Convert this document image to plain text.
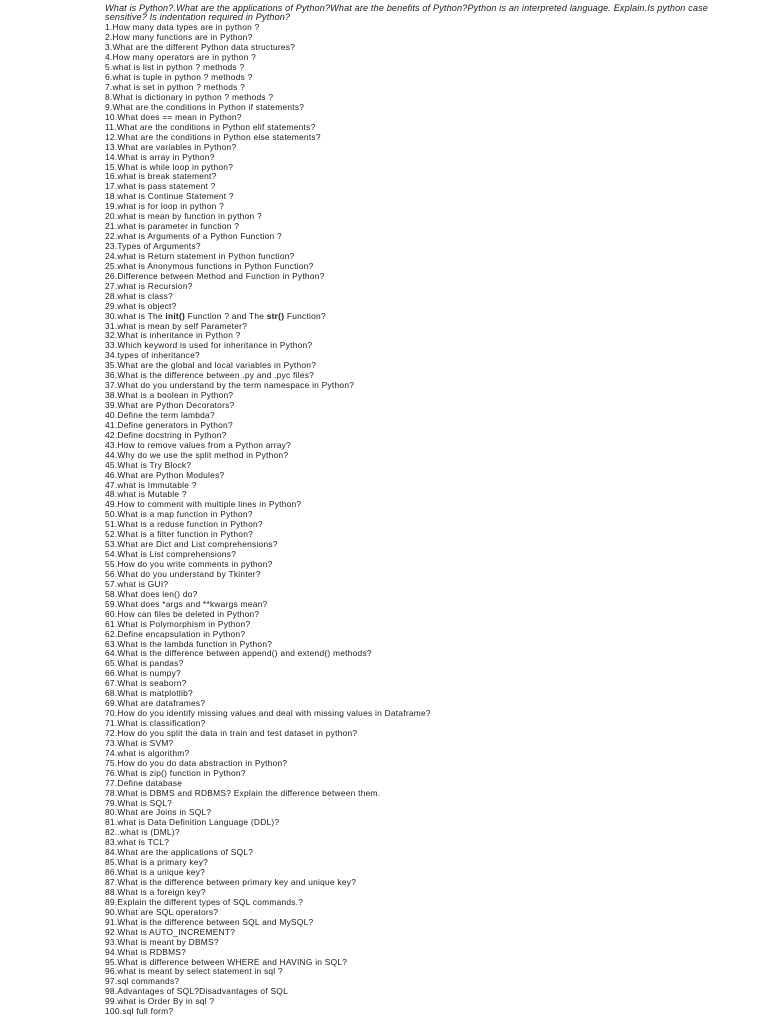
What is Python?.What are the applications of Python?What are the benefits of Python?Python is an interpreted language. Explain.Is python case sensitive? Is indentation required in Python?

1.How many data types are in python ?
2.How many functions are in Python?
3.What are the different Python data structures?
4.How many operators are in python ?
5.what is list in python ? methods ?
6.what is tuple in python ? methods ?
7.what is set in python ? methods ?
8.What is dictionary in python ? methods ?
9.What are the conditions in Python if statements?
10.What does == mean in Python?
11.What are the conditions in Python elif statements?
12.What are the conditions in Python else statements?
13.What are variables in Python?
14.What is array in Python?
15.What is while loop in python?
16.what is break statement?
17.what is pass statement ?
18.what is Continue Statement ?
19.what is for loop in python ?
20.what is mean by function in python ?
21.what is parameter in function ?
22.what is Arguments of a Python Function ?
23.Types of Arguments?
24.what is Return statement in Python function?
25.what is Anonymous functions in Python Function?
26.Difference between Method and Function in Python?
27.what is Recursion?
28.what is class?
29.what is object?
30.what is The init() Function ? and The str() Function?
31.what is mean by self Parameter?
32.What is inheritance in Python ?
33.Which keyword is used for inheritance in Python?
34.types of inheritance?
35.What are the global and local variables in Python?
36.What is the difference between .py and .pyc files?
37.What do you understand by the term namespace in Python?
38.What is a boolean in Python?
39.What are Python Decorators?
40.Define the term lambda?
41.Define generators in Python?
42.Define docstring in Python?
43.How to remove values from a Python array?
44.Why do we use the split method in Python?
45.What is Try Block?
46.What are Python Modules?
47.what is Immutable ?
48.what is Mutable ?
49.How to comment with multiple lines in Python?
50.What is a map function in Python?
51.What is a reduse function in Python?
52.What is a filter function in Python?
53.What are Dict and List comprehensions?
54.What is List comprehensions?
55.How do you write comments in python?
56.What do you understand by Tkinter?
57.what is GUI?
58.What does len() do?
59.What does *args and **kwargs mean?
60.How can files be deleted in Python?
61.What is Polymorphism in Python?
62.Define encapsulation in Python?
63.What is the lambda function in Python?
64.What is the difference between append() and extend() methods?
65.What is pandas?
66.What is numpy?
67.What is seaborn?
68.What is matplotlib?
69.What are dataframes?
70.How do you identify missing values and deal with missing values in Dataframe?
71.What is classification?
72.How do you split the data in train and test dataset in python?
73.What is SVM?
74.what is algorithm?
75.How do you do data abstraction in Python?
76.What is zip() function in Python?
77.Define database
78.What is DBMS and RDBMS? Explain the difference between them.
79.What is SQL?
80.What are Joins in SQL?
81.what is Data Definition Language (DDL)?
82..what is (DML)?
83.what is TCL?
84.What are the applications of SQL?
85.What is a primary key?
86.What is a unique key?
87.What is the difference between primary key and unique key?
88.What is a foreign key?
89.Explain the different types of SQL commands.?
90.What are SQL operators?
91.What is the difference between SQL and MySQL?
92.What is AUTO_INCREMENT?
93.What is meant by DBMS?
94.What is RDBMS?
95.What is difference between WHERE and HAVING in SQL?
96.what is meant by select statement in sql ?
97.sql commands?
98.Advantages of SQL?Disadvantages of SQL
99.what is Order By in sql ?
100.sql full form?
